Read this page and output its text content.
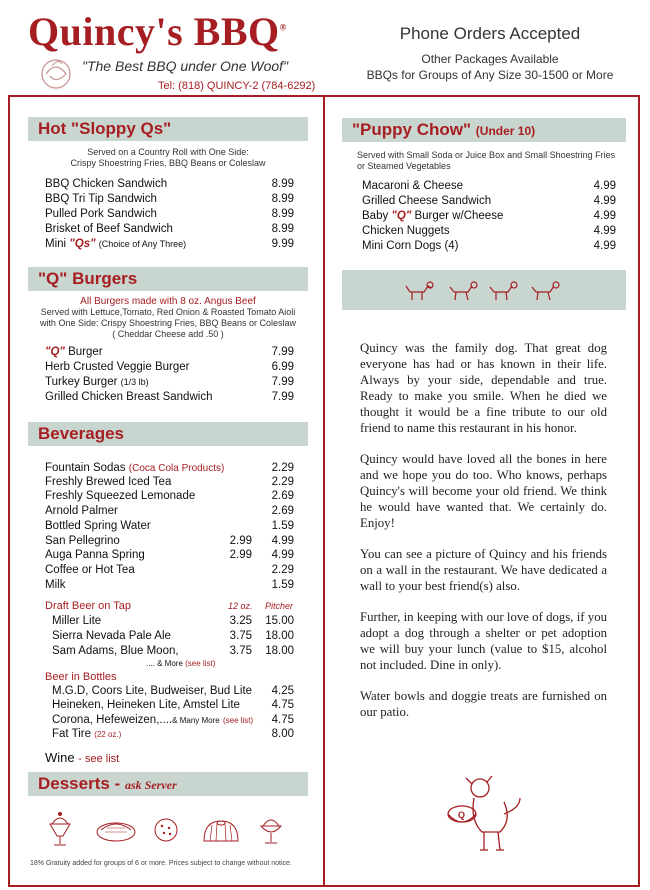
Quincy's BBQ®
"The Best BBQ under One Woof"
Tel: (818) QUINCY-2 (784-6292)
Phone Orders Accepted
Other Packages Available
BBQs for Groups of Any Size 30-1500 or More
Hot "Sloppy Qs"
Served on a Country Roll with One Side:
Crispy Shoestring Fries, BBQ Beans or Coleslaw
BBQ Chicken Sandwich	8.99
BBQ Tri Tip Sandwich	8.99
Pulled Pork Sandwich	8.99
Brisket of Beef Sandwich	8.99
Mini "Qs" (Choice of Any Three)	9.99
"Q" Burgers
All Burgers made with 8 oz. Angus Beef
Served with Lettuce,Tomato, Red Onion & Roasted Tomato Aioli
with One Side: Crispy Shoestring Fries, BBQ Beans or Coleslaw
( Cheddar Cheese add .50 )
"Q" Burger	7.99
Herb Crusted Veggie Burger	6.99
Turkey Burger (1/3 lb)	7.99
Grilled Chicken Breast Sandwich	7.99
Beverages
Fountain Sodas (Coca Cola Products)	2.29
Freshly Brewed Iced Tea	2.29
Freshly Squeezed Lemonade	2.69
Arnold Palmer	2.69
Bottled Spring Water	1.59
San Pellegrino	2.99	4.99
Auga Panna Spring	2.99	4.99
Coffee or Hot Tea	2.29
Milk	1.59
Draft Beer on Tap	12 oz. Pitcher
Miller Lite	3.25	15.00
Sierra Nevada Pale Ale	3.75	18.00
Sam Adams, Blue Moon,	3.75	18.00
.... & More (see list)
Beer in Bottles
M.G.D, Coors Lite, Budweiser, Bud Lite	4.25
Heineken, Heineken Lite, Amstel Lite	4.75
Corona, Hefeweizen,....& Many More (see list)	4.75
Fat Tire (22 oz.)	8.00
Wine - see list
Desserts - ask Server
18% Gratuity added for groups of 6 or more. Prices subject to change without notice.
"Puppy Chow" (Under 10)
Served with Small Soda or Juice Box and Small Shoestring Fries
or Steamed Vegetables
Macaroni & Cheese	4.99
Grilled Cheese Sandwich	4.99
Baby "Q" Burger w/Cheese	4.99
Chicken Nuggets	4.99
Mini Corn Dogs (4)	4.99

Quincy was the family dog. That great dog everyone has had or has known in their life. Always by your side, dependable and true. Ready to make you smile. When he died we thought it would be a fine tribute to our old friend to name this restaurant in his honor.

Quincy would have loved all the bones in here and we hope you do too. Who knows, perhaps Quincy's will become your old friend. We think he would have wanted that. We certainly do. Enjoy!

You can see a picture of Quincy and his friends on a wall in the restaurant. We have dedicated a wall to your best friend(s) also.

Further, in keeping with our love of dogs, if you adopt a dog through a shelter or pet adoption we will buy your lunch (value to $15, alcohol not included. Dine in only).

Water bowls and doggie treats are furnished on our patio.

Q
